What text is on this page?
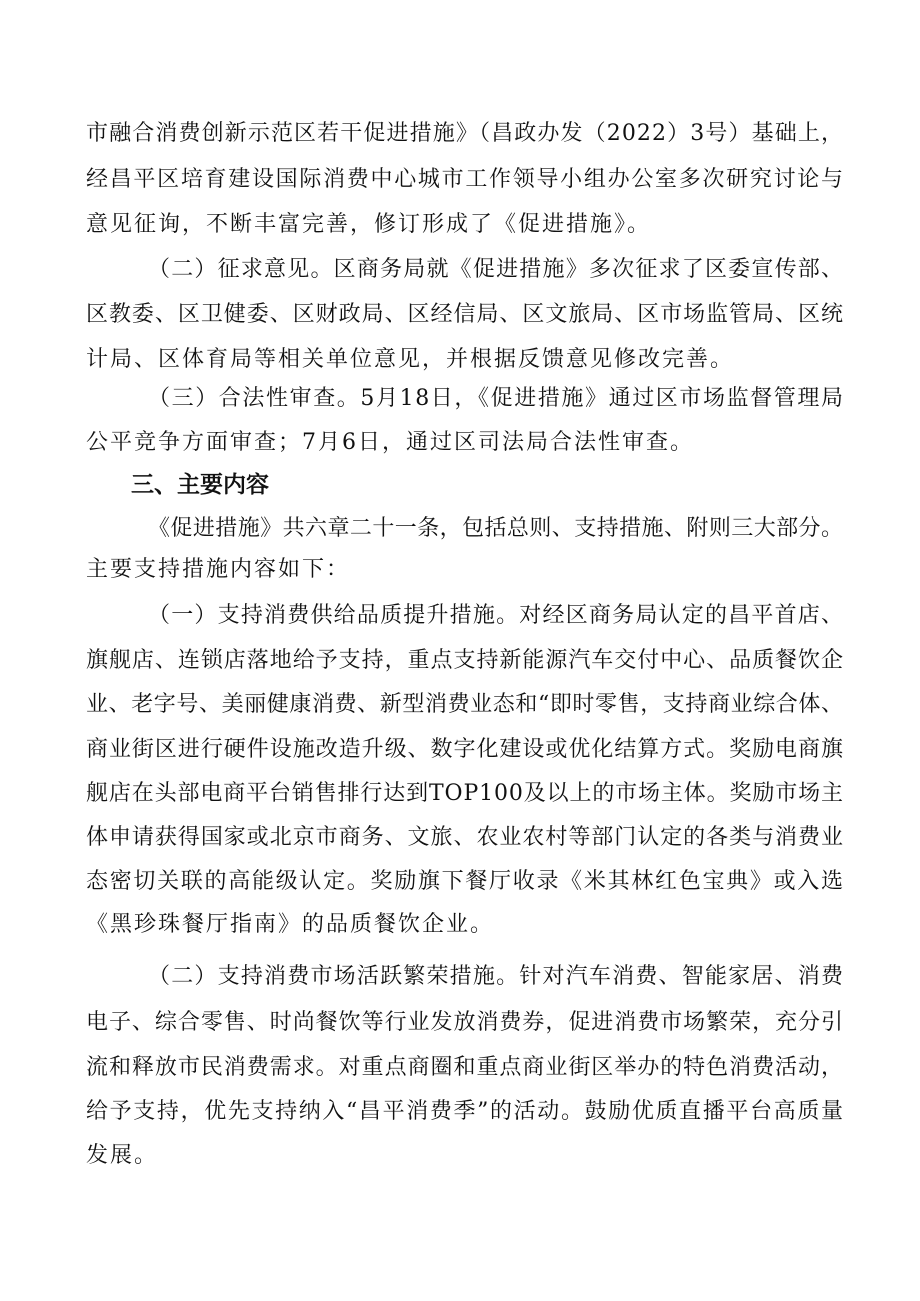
市融合消费创新示范区若干促进措施》（昌政办发（2022）3号）基础上，
经昌平区培育建设国际消费中心城市工作领导小组办公室多次研究讨论与
意见征询，不断丰富完善，修订形成了《促进措施》。
（二）征求意见。区商务局就《促进措施》多次征求了区委宣传部、
区教委、区卫健委、区财政局、区经信局、区文旅局、区市场监管局、区统
计局、区体育局等相关单位意见，并根据反馈意见修改完善。
（三）合法性审查。5月18日，《促进措施》通过区市场监督管理局
公平竞争方面审查；7月6日，通过区司法局合法性审查。
三、主要内容
《促进措施》共六章二十一条，包括总则、支持措施、附则三大部分。
主要支持措施内容如下：
（一）支持消费供给品质提升措施。对经区商务局认定的昌平首店、
旗舰店、连锁店落地给予支持，重点支持新能源汽车交付中心、品质餐饮企
业、老字号、美丽健康消费、新型消费业态和“即时零售，支持商业综合体、
商业街区进行硬件设施改造升级、数字化建设或优化结算方式。奖励电商旗
舰店在头部电商平台销售排行达到TOP100及以上的市场主体。奖励市场主
体申请获得国家或北京市商务、文旅、农业农村等部门认定的各类与消费业
态密切关联的高能级认定。奖励旗下餐厅收录《米其林红色宝典》或入选
《黑珍珠餐厅指南》的品质餐饮企业。
（二）支持消费市场活跃繁荣措施。针对汽车消费、智能家居、消费
电子、综合零售、时尚餐饮等行业发放消费券，促进消费市场繁荣，充分引
流和释放市民消费需求。对重点商圈和重点商业街区举办的特色消费活动，
给予支持，优先支持纳入“昌平消费季”的活动。鼓励优质直播平台高质量
发展。
